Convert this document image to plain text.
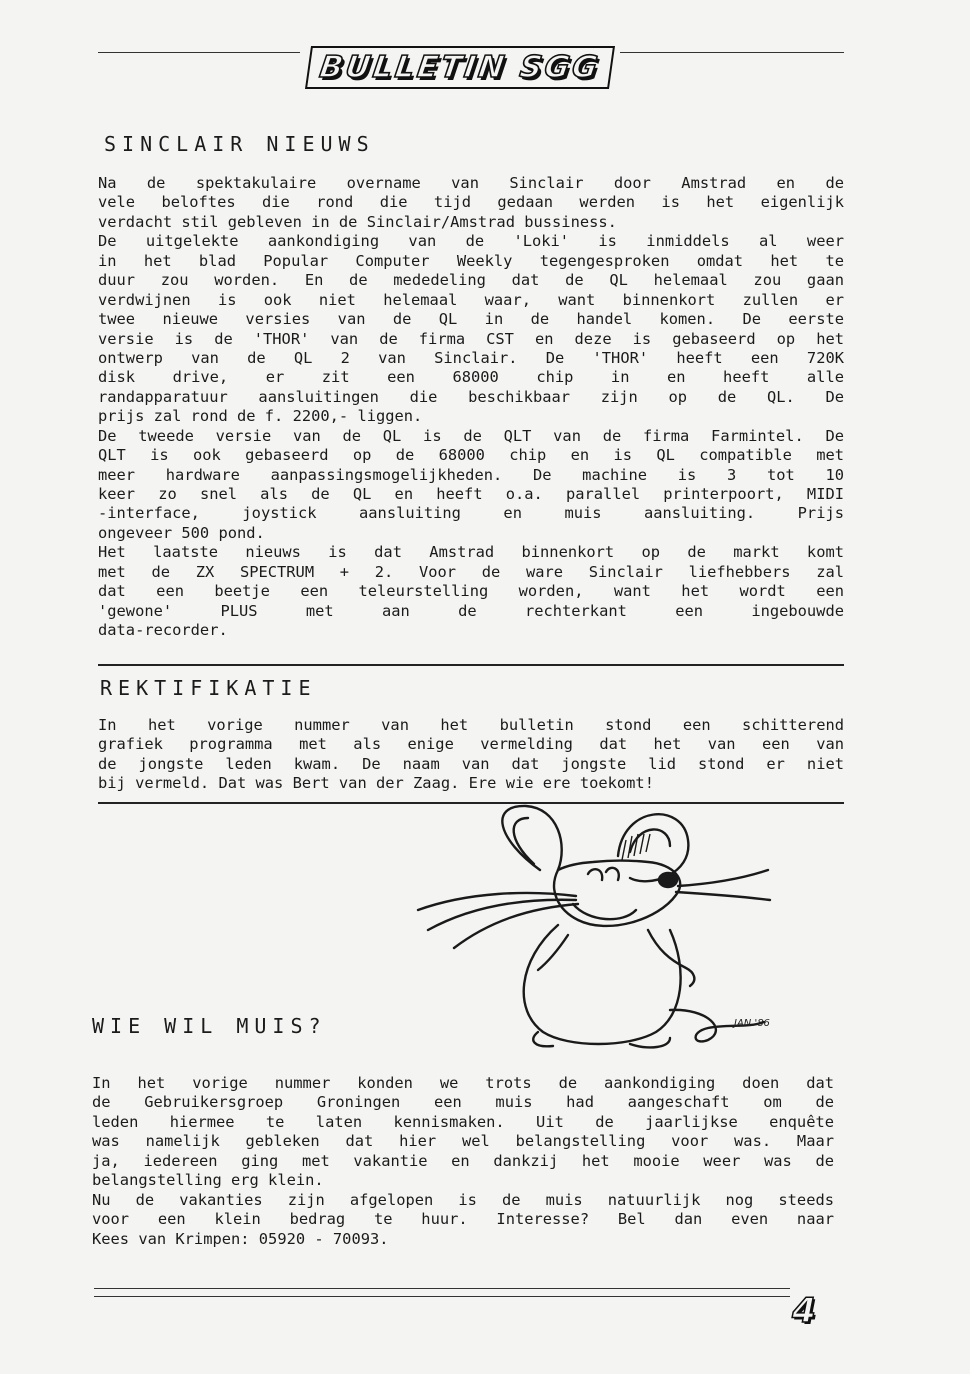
BULLETIN SGG
SINCLAIR NIEUWS
Na de spektakulaire overname van Sinclair door Amstrad en de
vele beloftes die rond die tijd gedaan werden is het eigenlijk
verdacht stil gebleven in de Sinclair/Amstrad bussiness.
De uitgelekte aankondiging van de 'Loki' is inmiddels al weer
in het blad Popular Computer Weekly tegengesproken omdat het te
duur zou worden. En de mededeling dat de QL helemaal zou gaan
verdwijnen is ook niet helemaal waar, want binnenkort zullen er
twee nieuwe versies van de QL in de handel komen. De eerste
versie is de 'THOR' van de firma CST en deze is gebaseerd op het
ontwerp van de QL 2 van Sinclair. De 'THOR' heeft een 720K
disk drive, er zit een 68000 chip in en heeft alle
randapparatuur aansluitingen die beschikbaar zijn op de QL. De
prijs zal rond de f. 2200,- liggen.
De tweede versie van de QL is de QLT van de firma Farmintel. De
QLT is ook gebaseerd op de 68000 chip en is QL compatible met
meer hardware aanpassingsmogelijkheden. De machine is 3 tot 10
keer zo snel als de QL en heeft o.a. parallel printerpoort, MIDI
-interface, joystick aansluiting en muis aansluiting. Prijs
ongeveer 500 pond.
Het laatste nieuws is dat Amstrad binnenkort op de markt komt
met de ZX SPECTRUM + 2. Voor de ware Sinclair liefhebbers zal
dat een beetje een teleurstelling worden, want het wordt een
'gewone' PLUS met aan de rechterkant een ingebouwde
data-recorder.
REKTIFIKATIE
In het vorige nummer van het bulletin stond een schitterend
grafiek programma met als enige vermelding dat het van een van
de jongste leden kwam. De naam van dat jongste lid stond er niet
bij vermeld. Dat was Bert van der Zaag. Ere wie ere toekomt!
JAN '86
WIE WIL MUIS?
In het vorige nummer konden we trots de aankondiging doen dat
de Gebruikersgroep Groningen een muis had aangeschaft om de
leden hiermee te laten kennismaken. Uit de jaarlijkse enquête
was namelijk gebleken dat hier wel belangstelling voor was. Maar
ja, iedereen ging met vakantie en dankzij het mooie weer was de
belangstelling erg klein.
Nu de vakanties zijn afgelopen is de muis natuurlijk nog steeds
voor een klein bedrag te huur. Interesse? Bel dan even naar
Kees van Krimpen: 05920 - 70093.
4
